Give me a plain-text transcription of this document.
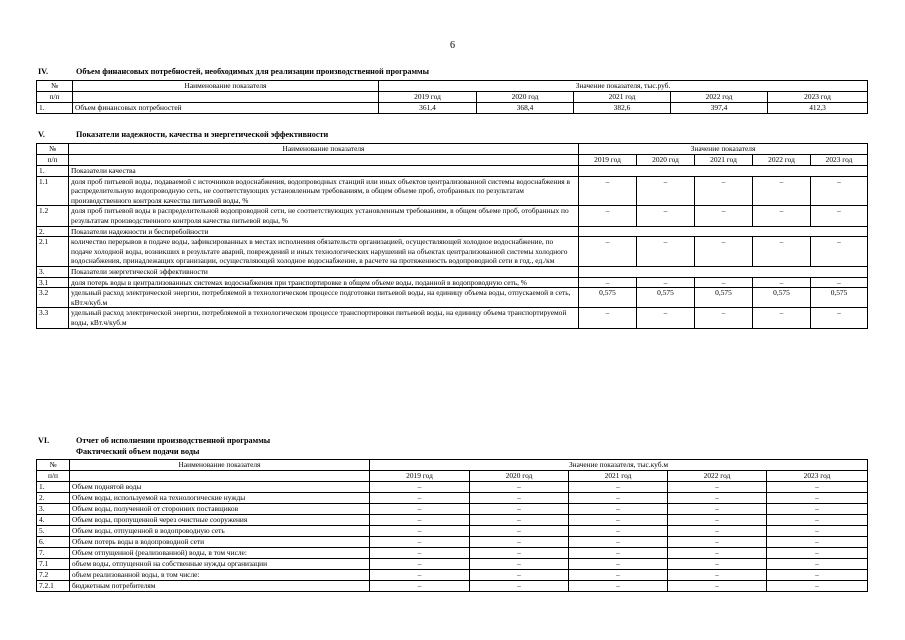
6
IV.	Объем финансовых потребностей, необходимых для реализации производственной программы
№	Наименование показателя	Значение показателя, тыс.руб.				
п/п		2019 год	2020 год	2021 год	2022 год	2023 год
1.	Объем финансовых потребностей	361,4	368,4	382,6	397,4	412,3
V.	Показатели надежности, качества и энергетической эффективности
№	Наименование показателя	Значение показателя				
п/п		2019 год	2020 год	2021 год	2022 год	2023 год
1.	Показатели качества					
1.1	доля проб питьевой воды, подаваемой с источников водоснабжения, водопроводных станций или иных объектов централизованной системы водоснабжения в распределительную водопроводную сеть, не соответствующих установленным требованиям, в общем объеме проб, отобранных по результатам производственного контроля качества питьевой воды, %	–	–	–	–	–
1.2	доля проб питьевой воды в распределительной водопроводной сети, не соответствующих установленным требованиям, в общем объеме проб, отобранных по результатам производственного контроля качества питьевой воды, %	–	–	–	–	–
2.	Показатели надежности и бесперебойности					
2.1	количество перерывов в подаче воды, зафиксированных в местах исполнения обязательств организацией, осуществляющей холодное водоснабжение, по подаче холодной воды, возникших в результате аварий, повреждений и иных технологических нарушений на объектах централизованной системы холодного водоснабжения, принадлежащих организации, осуществляющей холодное водоснабжение, в расчете на протяженность водопроводной сети в год., ед./км	–	–	–	–	–
3.	Показатели энергетической эффективности					
3.1	доля потерь воды в централизованных системах водоснабжения при транспортировке в общем объеме воды, поданной в водопроводную сеть, %	–	–	–	–	–
3.2	удельный расход электрической энергии, потребляемой в технологическом процессе подготовки питьевой воды, на единицу объема воды, отпускаемой в сеть, кВт.ч/куб.м	0,575	0,575	0,575	0,575	0,575
3.3	удельный расход электрической энергии, потребляемой в технологическом процессе транспортировки питьевой воды, на единицу объема транспортируемой воды, кВт.ч/куб.м	–	–	–	–	–
VI.	Отчет об исполнении производственной программы
Фактический объем подачи воды
№	Наименование показателя	Значение показателя, тыс.куб.м				
п/п		2019 год	2020 год	2021 год	2022 год	2023 год
1.	Объем поднятой воды	–	–	–	–	–
2.	Объем воды, используемой на технологические нужды	–	–	–	–	–
3.	Объем воды, полученной от сторонних поставщиков	–	–	–	–	–
4.	Объем воды, пропущенной через очистные сооружения	–	–	–	–	–
5.	Объем воды, отпущенной в водопроводную сеть	–	–	–	–	–
6.	Объем потерь воды в водопроводной сети	–	–	–	–	–
7.	Объем отпущенной (реализованной) воды, в том числе:	–	–	–	–	–
7.1	объем воды, отпущенной на собственные нужды организации	–	–	–	–	–
7.2	объем реализованной воды, в том числе:	–	–	–	–	–
7.2.1	бюджетным потребителям	–	–	–	–	–
